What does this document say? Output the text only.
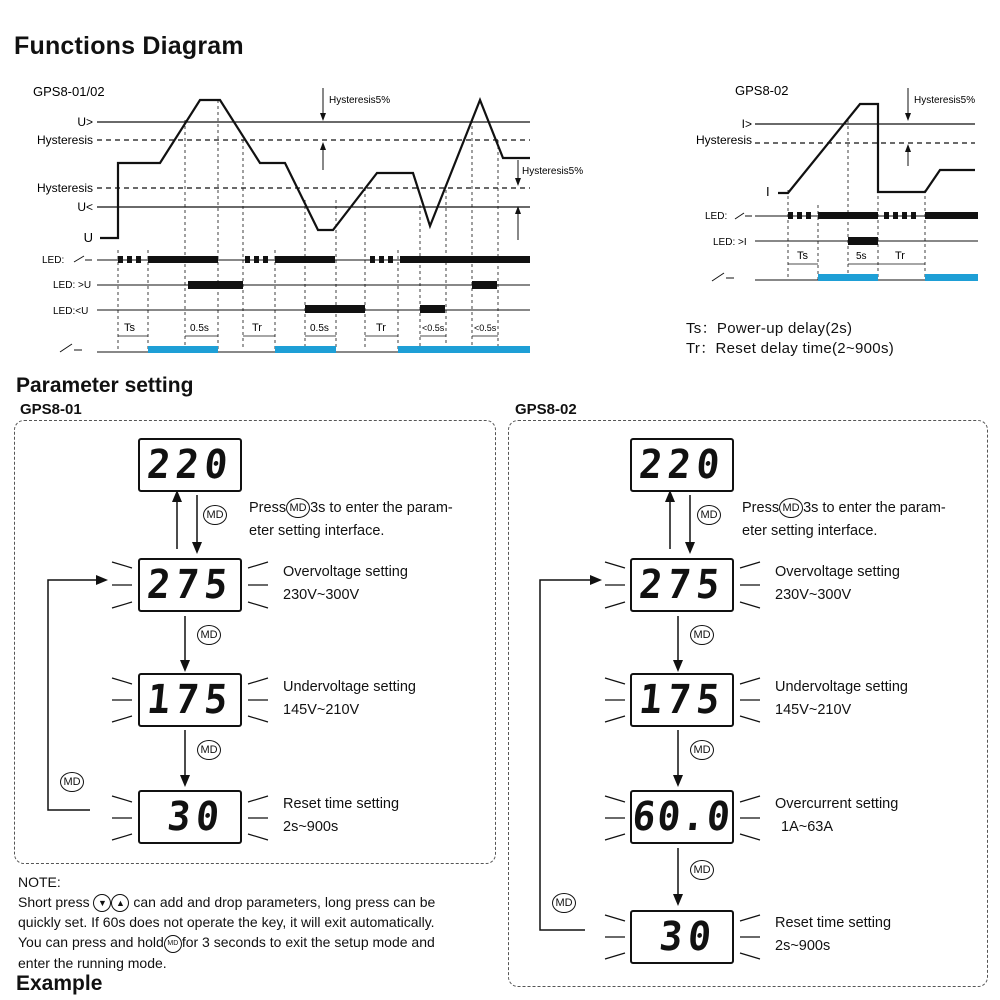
Functions Diagram
GPS8-01/02
U>
Hysteresis
Hysteresis
U<
U
Hysteresis5%
Hysteresis5%
LED:
LED: >U
LED:<U
Ts	0.5s	Tr	0.5s	Tr	<0.5s	<0.5s
GPS8-02
I>
Hysteresis
I
Hysteresis5%
LED:
LED: >I
Ts	5s	Tr
Ts：Power-up delay(2s)
Tr：Reset delay time(2~900s)
Parameter setting
GPS8-01	GPS8-02
220
275
175
30
MD
MD
MD
MD
Press MD 3s to enter the param-
eter setting interface.
Overvoltage setting
230V~300V
Undervoltage setting
145V~210V
Reset time setting
2s~900s
220
275
175
60.0
30
MD
MD
MD
MD
MD
Press MD 3s to enter the param-
eter setting interface.
Overvoltage setting
230V~300V
Undervoltage setting
145V~210V
Overcurrent setting
1A~63A
Reset time setting
2s~900s
NOTE:
Short press ▼ ▲ can add and drop parameters, long press can be
quickly set. If 60s does not operate the key, it will exit automatically.
You can press and hold MD for 3 seconds to exit the setup mode and
enter the running mode.
Example
